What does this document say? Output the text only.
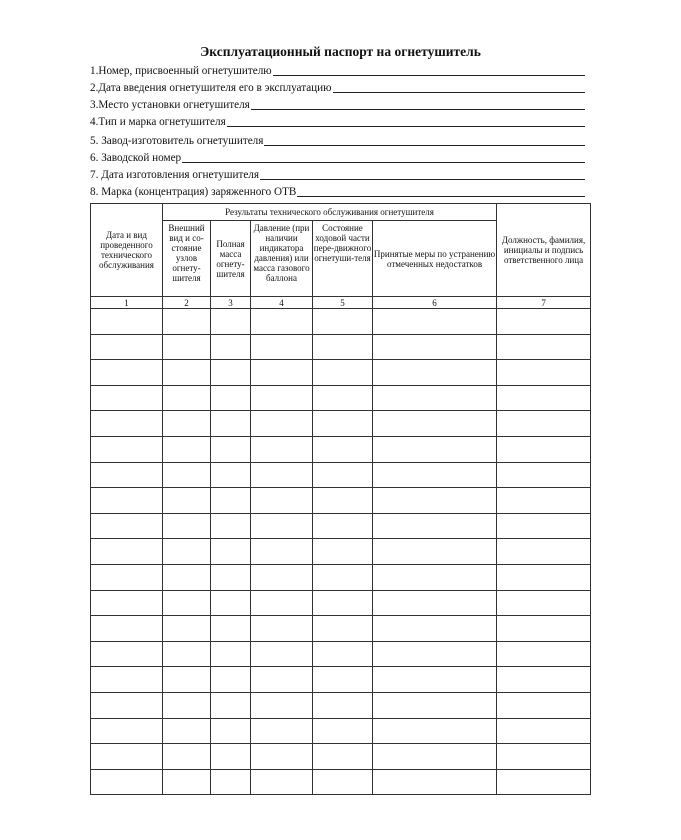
Эксплуатационный паспорт на огнетушитель
1.Номер, присвоенный огнетушителю
2.Дата введения огнетушителя его в эксплуатацию
3.Место установки огнетушителя
4.Тип и марка огнетушителя
5. Завод-изготовитель огнетушителя
6. Заводской номер
7. Дата изготовления огнетушителя
8. Марка (концентрация) заряженного ОТВ
Дата и вид проведенного технического обслуживания	Результаты технического обслуживания огнетушителя					Должность, фамилия, инициалы и подпись ответственного лица
	Внешний вид и со-стояние узлов огнету-шителя	Полная масса огнету-шителя	Давление (при наличии индикатора давления) или масса газового баллона	Состояние ходовой части пере-движного огнетуши-теля	Принятые меры по устранению отмеченных недостатков	
1	2	3	4	5	6	7
